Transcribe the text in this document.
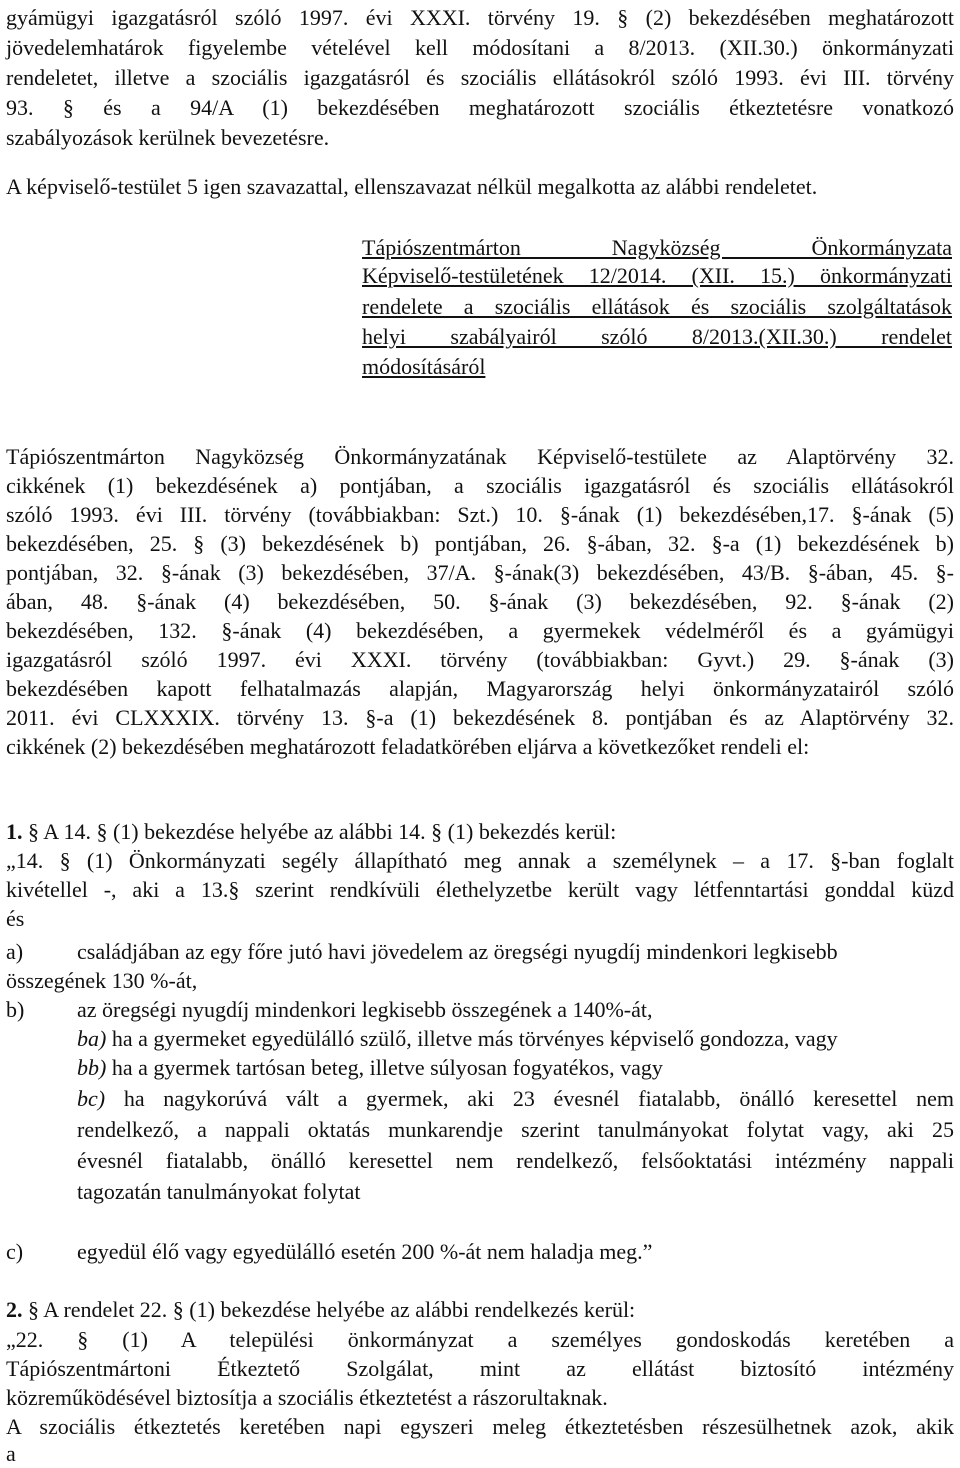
gyámügyi igazgatásról szóló 1997. évi XXXI. törvény 19. § (2) bekezdésében meghatározott
jövedelemhatárok figyelembe vételével kell módosítani a 8/2013. (XII.30.) önkormányzati
rendeletet, illetve a szociális igazgatásról és szociális ellátásokról szóló 1993. évi III. törvény
93. § és a 94/A (1) bekezdésében meghatározott szociális étkeztetésre vonatkozó
szabályozások kerülnek bevezetésre.
A képviselő-testület 5 igen szavazattal, ellenszavazat nélkül megalkotta az alábbi rendeletet.
Tápiószentmárton Nagyközség Önkormányzata
Képviselő-testületének 12/2014. (XII. 15.) önkormányzati
rendelete a szociális ellátások és szociális szolgáltatások
helyi szabályairól szóló 8/2013.(XII.30.) rendelet
módosításáról
Tápiószentmárton Nagyközség Önkormányzatának Képviselő-testülete az Alaptörvény 32.
cikkének (1) bekezdésének a) pontjában, a szociális igazgatásról és szociális ellátásokról
szóló 1993. évi III. törvény (továbbiakban: Szt.) 10. §-ának (1) bekezdésében,17. §-ának (5)
bekezdésében, 25. § (3) bekezdésének b) pontjában, 26. §-ában, 32. §-a (1) bekezdésének b)
pontjában, 32. §-ának (3) bekezdésében, 37/A. §-ának(3) bekezdésében, 43/B. §-ában, 45. §-
ában, 48. §-ának (4) bekezdésében, 50. §-ának (3) bekezdésében, 92. §-ának (2)
bekezdésében, 132. §-ának (4) bekezdésében, a gyermekek védelméről és a gyámügyi
igazgatásról szóló 1997. évi XXXI. törvény (továbbiakban: Gyvt.) 29. §-ának (3)
bekezdésében kapott felhatalmazás alapján, Magyarország helyi önkormányzatairól szóló
2011. évi CLXXXIX. törvény 13. §-a (1) bekezdésének 8. pontjában és az Alaptörvény 32.
cikkének (2) bekezdésében meghatározott feladatkörében eljárva a következőket rendeli el:
1. § A 14. § (1) bekezdése helyébe az alábbi 14. § (1) bekezdés kerül:
„14. § (1) Önkormányzati segély állapítható meg annak a személynek – a 17. §-ban foglalt
kivétellel -, aki a 13.§ szerint rendkívüli élethelyzetbe került vagy létfenntartási gonddal küzd
és
a) családjában az egy főre jutó havi jövedelem az öregségi nyugdíj mindenkori legkisebb
összegének 130 %-át,
b) az öregségi nyugdíj mindenkori legkisebb összegének a 140%-át,
ba) ha a gyermeket egyedülálló szülő, illetve más törvényes képviselő gondozza, vagy
bb) ha a gyermek tartósan beteg, illetve súlyosan fogyatékos, vagy
bc) ha nagykorúvá vált a gyermek, aki 23 évesnél fiatalabb, önálló keresettel nem
rendelkező, a nappali oktatás munkarendje szerint tanulmányokat folytat vagy, aki 25
évesnél fiatalabb, önálló keresettel nem rendelkező, felsőoktatási intézmény nappali
tagozatán tanulmányokat folytat
c) egyedül élő vagy egyedülálló esetén 200 %-át nem haladja meg.”
2. § A rendelet 22. § (1) bekezdése helyébe az alábbi rendelkezés kerül:
„22. § (1) A települési önkormányzat a személyes gondoskodás keretében a
Tápiószentmártoni Étkeztető Szolgálat, mint az ellátást biztosító intézmény
közreműködésével biztosítja a szociális étkeztetést a rászorultaknak.
A szociális étkeztetés keretében napi egyszeri meleg étkeztetésben részesülhetnek azok, akik
a
